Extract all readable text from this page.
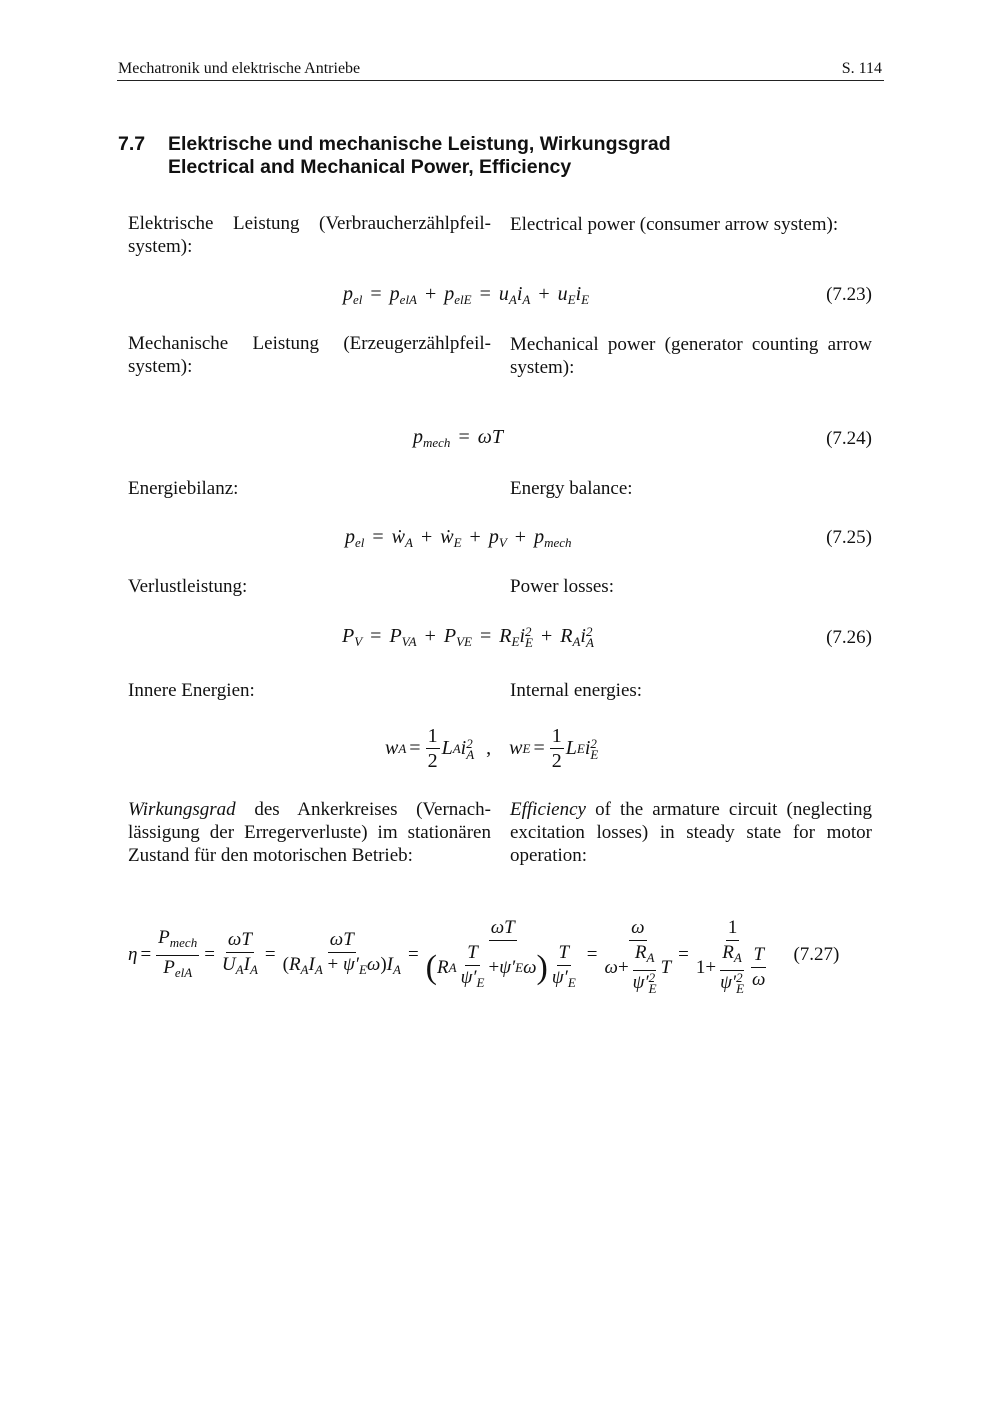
Mechatronik und elektrische Antriebe	S. 114
7.7 Elektrische und mechanische Leistung, Wirkungsgrad
Electrical and Mechanical Power, Efficiency
Elektrische Leistung (Verbraucherzählpfeil-system):
Electrical power (consumer arrow system):
$p_{el} = p_{elA} + p_{elE} = u_Ai_A + u_Ei_E$	(7.23)
Mechanische Leistung (Erzeugerzählpfeil-system):
Mechanical power (generator counting arrow system):
$p_{mech} = \omega T$	(7.24)
Energiebilanz:	Energy balance:
$p_{el}$ = ẇ$_A$ + ẇ$_E$ + $p_V + p_{mech}$	(7.25)
Verlustleistung:	Power losses:
$P_V = P_{VA} + P_{VE} = R_Ei$ 2
$E + R_Ai$ 2
A	(7.26)
Innere Energien:	Internal energies:
w $A = \frac{1}{2}$ L A i 2
A , w $E = \frac{1}{2}$ L E i 2
E
Wirkungsgrad des Ankerkreises (Vernach-lässigung der Erregerverluste) im stationären Zustand für den motorischen Betrieb:
Efficiency of the armature circuit (neglecting excitation losses) in steady state for motor operation:
$\eta = \frac{P_{mech}}{P_{elA}} = \frac{\omega T}{U_AI_A} = \frac{\omega T}{(R_AI_A + \psi'_E\omega)I_A} = \frac{\omega T}{( R A \frac{T}{\psi'_E} + \psi' E \omega ) \frac{T}{\psi'_E}} = \omega$
$\omega + R_A$
ψ′ 2
E T = 1
$1+ R_A$
ψ′ 2
E $\frac{T}{\omega} (7.27)$
